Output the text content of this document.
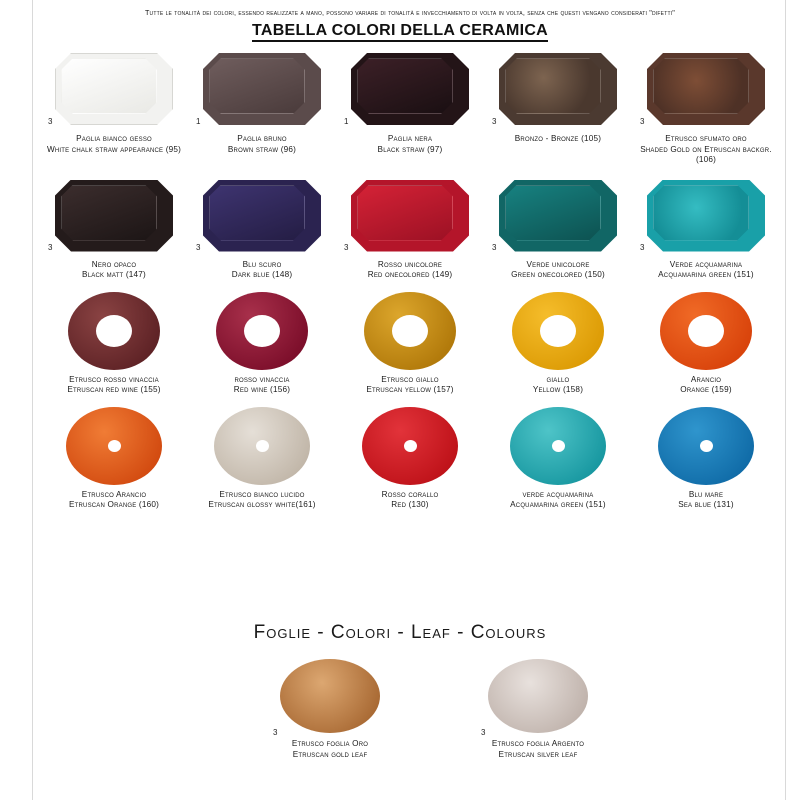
Tutte le tonalità dei colori, essendo realizzate a mano, possono variare di tonalità e invecchiamento di volta in volta, senza che questi vengano considerati "difetti"
TABELLA COLORI DELLA CERAMICA
3
Paglia bianco gesso
White chalk straw appearance (95)
1
Paglia bruno
Brown straw (96)
1
Paglia nera
Black straw (97)
3
Bronzo - Bronze (105)
3
Etrusco sfumato oro
Shaded Gold on Etruscan backgr. (106)
3
Nero opaco
Black matt (147)
3
Blu scuro
Dark blue (148)
3
Rosso unicolore
Red onecolored (149)
3
Verde unicolore
Green onecolored (150)
3
Verde acquamarina
Acquamarina green (151)
Etrusco rosso vinaccia
Etruscan red wine (155)
rosso vinaccia
Red wine (156)
Etrusco giallo
Etruscan yellow (157)
giallo
Yellow (158)
Arancio
Orange (159)
Etrusco Arancio
Etruscan Orange (160)
Etrusco bianco lucido
Etruscan glossy white(161)
Rosso corallo
Red (130)
verde acquamarina
Acquamarina green (151)
Blu mare
Sea blue (131)
Foglie - Colori - Leaf - Colours
3
Etrusco foglia Oro
Etruscan gold leaf
3
Etrusco foglia Argento
Etruscan silver leaf
